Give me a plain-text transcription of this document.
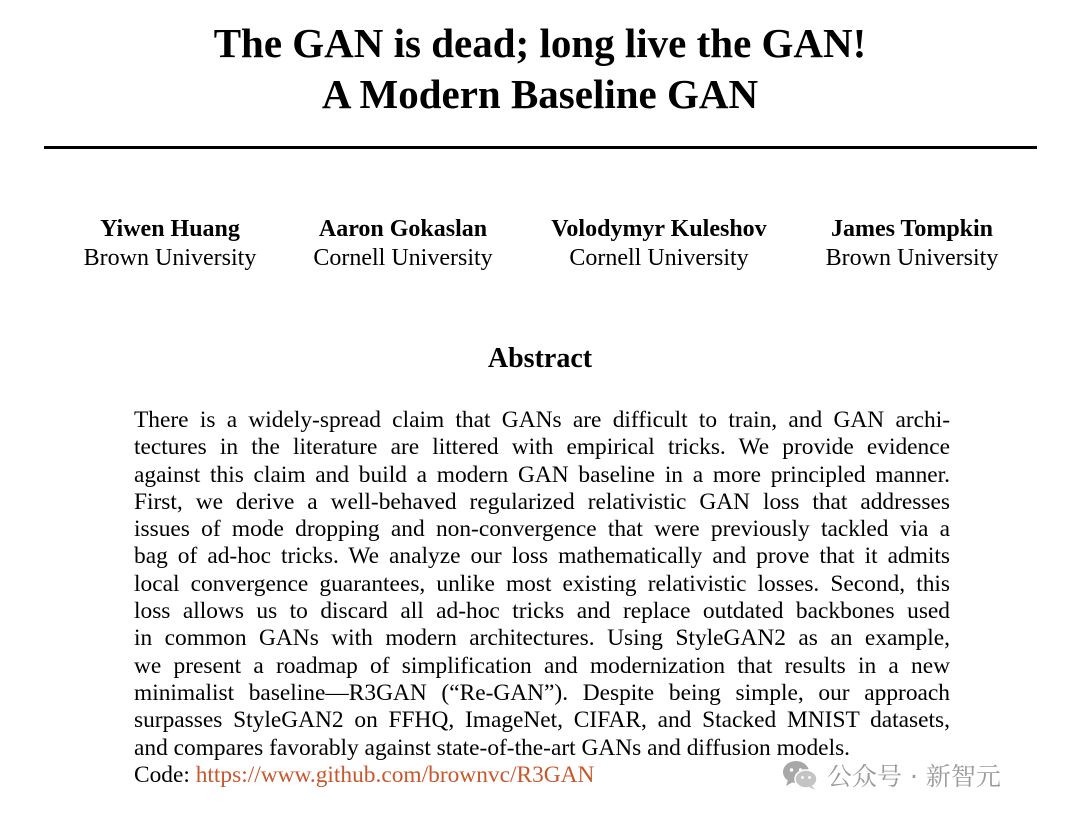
The GAN is dead; long live the GAN!
A Modern Baseline GAN
Yiwen Huang
Brown University
Aaron Gokaslan
Cornell University
Volodymyr Kuleshov
Cornell University
James Tompkin
Brown University
Abstract
There is a widely-spread claim that GANs are difficult to train, and GAN archi-
tectures in the literature are littered with empirical tricks. We provide evidence
against this claim and build a modern GAN baseline in a more principled manner.
First, we derive a well-behaved regularized relativistic GAN loss that addresses
issues of mode dropping and non-convergence that were previously tackled via a
bag of ad-hoc tricks. We analyze our loss mathematically and prove that it admits
local convergence guarantees, unlike most existing relativistic losses. Second, this
loss allows us to discard all ad-hoc tricks and replace outdated backbones used
in common GANs with modern architectures. Using StyleGAN2 as an example,
we present a roadmap of simplification and modernization that results in a new
minimalist baseline—R3GAN (“Re-GAN”). Despite being simple, our approach
surpasses StyleGAN2 on FFHQ, ImageNet, CIFAR, and Stacked MNIST datasets,
and compares favorably against state-of-the-art GANs and diffusion models.
Code: https://www.github.com/brownvc/R3GAN	公众号 · 新智元
